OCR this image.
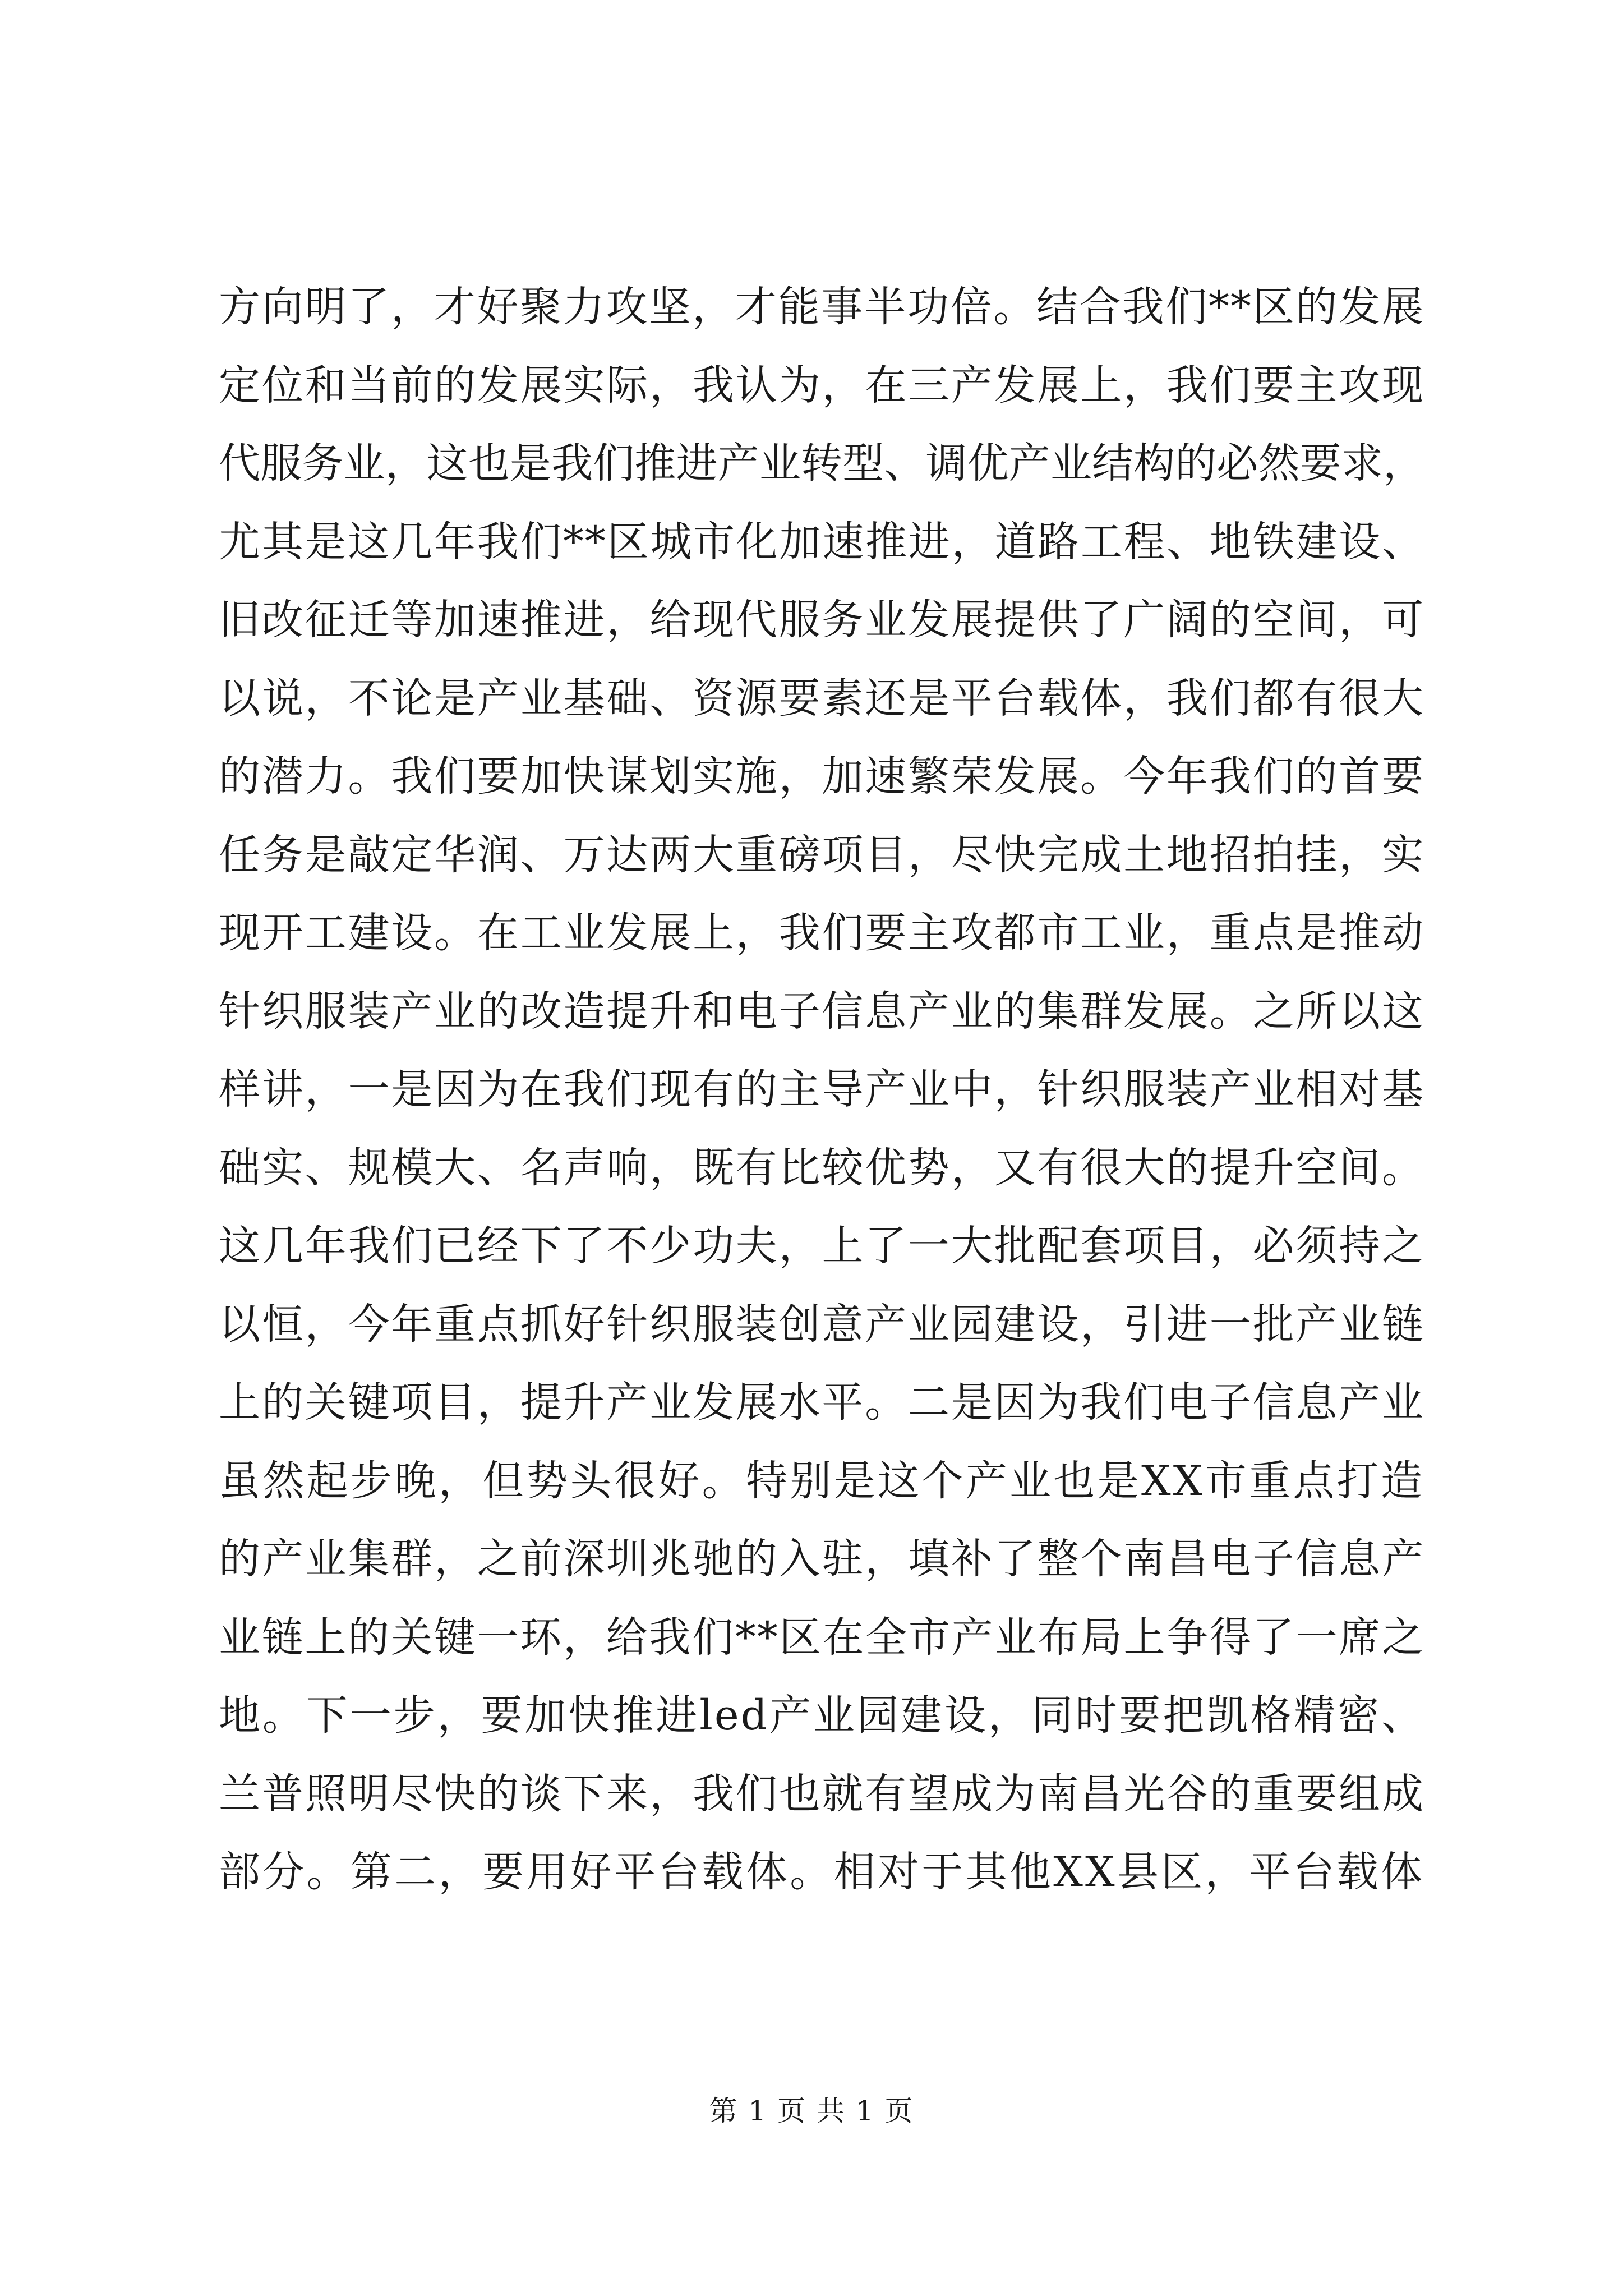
方向明了，才好聚力攻坚，才能事半功倍。结合我们**区的发展
定位和当前的发展实际，我认为，在三产发展上，我们要主攻现
代服务业，这也是我们推进产业转型、调优产业结构的必然要求，
尤其是这几年我们**区城市化加速推进，道路工程、地铁建设、
旧改征迁等加速推进，给现代服务业发展提供了广阔的空间，可
以说，不论是产业基础、资源要素还是平台载体，我们都有很大
的潜力。我们要加快谋划实施，加速繁荣发展。今年我们的首要
任务是敲定华润、万达两大重磅项目，尽快完成土地招拍挂，实
现开工建设。在工业发展上，我们要主攻都市工业，重点是推动
针织服装产业的改造提升和电子信息产业的集群发展。之所以这
样讲，一是因为在我们现有的主导产业中，针织服装产业相对基
础实、规模大、名声响，既有比较优势，又有很大的提升空间。
这几年我们已经下了不少功夫，上了一大批配套项目，必须持之
以恒，今年重点抓好针织服装创意产业园建设，引进一批产业链
上的关键项目，提升产业发展水平。二是因为我们电子信息产业
虽然起步晚，但势头很好。特别是这个产业也是XX市重点打造
的产业集群，之前深圳兆驰的入驻，填补了整个南昌电子信息产
业链上的关键一环，给我们**区在全市产业布局上争得了一席之
地。下一步，要加快推进led产业园建设，同时要把凯格精密、
兰普照明尽快的谈下来，我们也就有望成为南昌光谷的重要组成
部分。第二，要用好平台载体。相对于其他XX县区，平台载体
第 1 页 共 1 页
